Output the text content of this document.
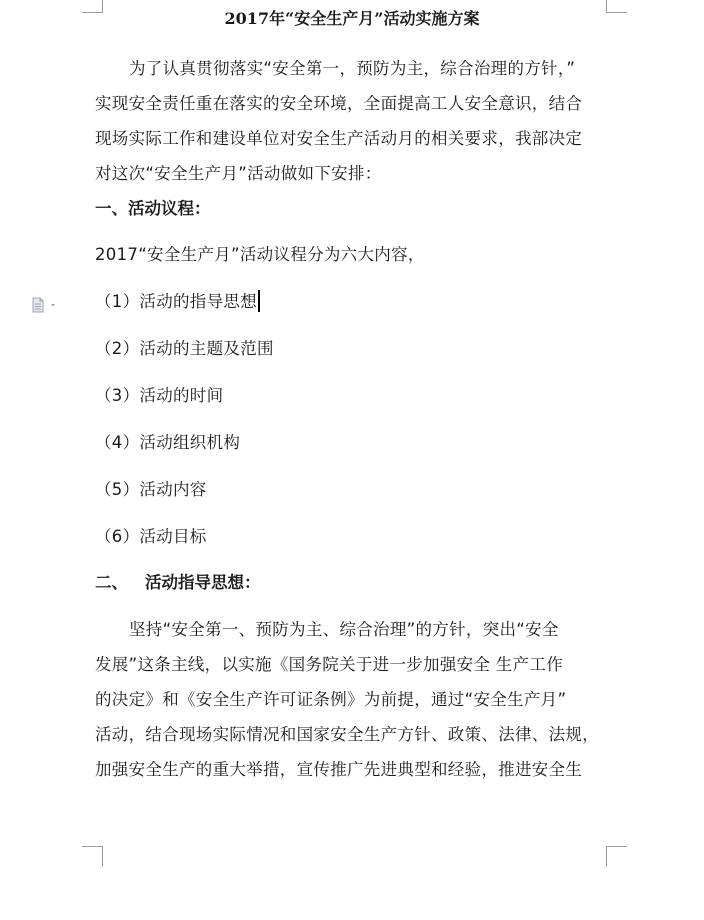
2017年“安全生产月”活动实施方案
为了认真贯彻落实“安全第一，预防为主，综合治理的方针，”
实现安全责任重在落实的安全环境，全面提高工人安全意识，结合
现场实际工作和建设单位对安全生产活动月的相关要求，我部决定
对这次“安全生产月”活动做如下安排：
一、活动议程：
2017“安全生产月”活动议程分为六大内容，
（1）活动的指导思想
（2）活动的主题及范围
（3）活动的时间
（4）活动组织机构
（5）活动内容
（6）活动目标
二、 活动指导思想：
坚持“安全第一、预防为主、综合治理”的方针，突出“安全
发展”这条主线，以实施《国务院关于进一步加强安全 生产工作
的决定》和《安全生产许可证条例》为前提，通过“安全生产月”
活动，结合现场实际情况和国家安全生产方针、政策、法律、法规，
加强安全生产的重大举措，宣传推广先进典型和经验，推进安全生
